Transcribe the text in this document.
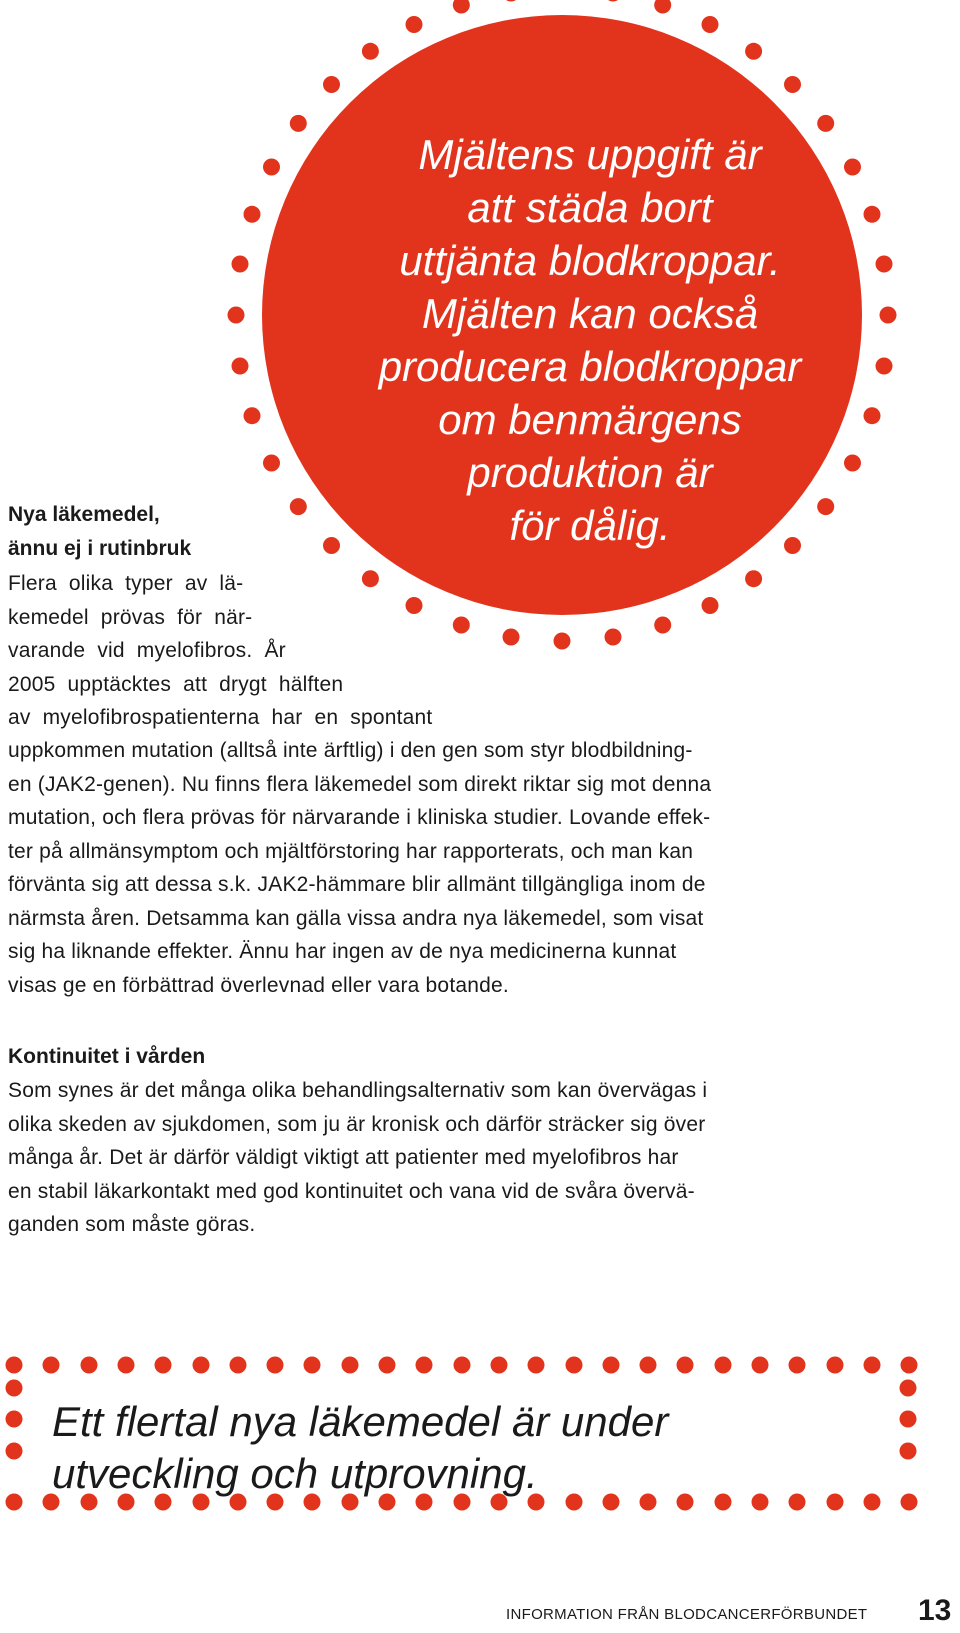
Mjältens uppgift är
att städa bort
uttjänta blodkroppar.
Mjälten kan också
producera blodkroppar
om benmärgens
produktion är
för dålig.
Nya läkemedel,
ännu ej i rutinbruk
Flera olika typer av lä-
kemedel prövas för när-
varande vid myelofibros. År
2005 upptäcktes att drygt hälften
av myelofibrospatienterna har en spontant
uppkommen mutation (alltså inte ärftlig) i den gen som styr blodbildning-
en (JAK2-genen). Nu finns flera läkemedel som direkt riktar sig mot denna
mutation, och flera prövas för närvarande i kliniska studier. Lovande effek-
ter på allmänsymptom och mjältförstoring har rapporterats, och man kan
förvänta sig att dessa s.k. JAK2-hämmare blir allmänt tillgängliga inom de
närmsta åren. Detsamma kan gälla vissa andra nya läkemedel, som visat
sig ha liknande effekter. Ännu har ingen av de nya medicinerna kunnat
visas ge en förbättrad överlevnad eller vara botande.
Kontinuitet i vården
Som synes är det många olika behandlingsalternativ som kan övervägas i
olika skeden av sjukdomen, som ju är kronisk och därför sträcker sig över
många år. Det är därför väldigt viktigt att patienter med myelofibros har
en stabil läkarkontakt med god kontinuitet och vana vid de svåra övervä-
ganden som måste göras.
Ett flertal nya läkemedel är under
utveckling och utprovning.
INFORMATION FRÅN BLODCANCERFÖRBUNDET 13
